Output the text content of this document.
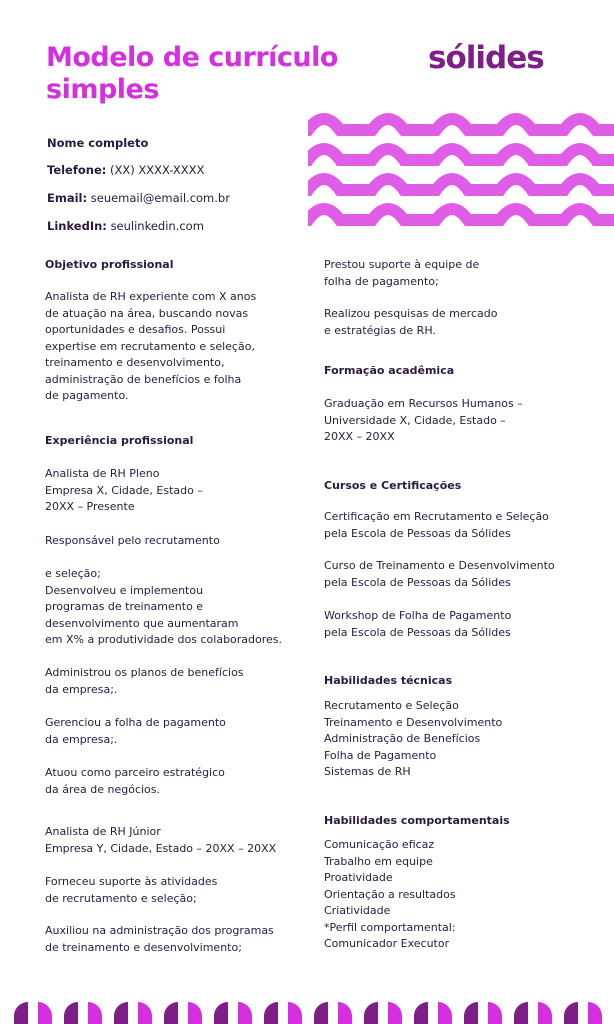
Modelo de currículo simples
sólides
Nome completo
Telefone: (XX) XXXX-XXXX
Email: seuemail@email.com.br
LinkedIn: seulinkedin.com
Objetivo profissional
Analista de RH experiente com X anos
de atuação na área, buscando novas
oportunidades e desafios. Possui
expertise em recrutamento e seleção,
treinamento e desenvolvimento,
administração de benefícios e folha
de pagamento.
Experiência profissional
Analista de RH Pleno
Empresa X, Cidade, Estado –
20XX – Presente
Responsável pelo recrutamento
e seleção;
Desenvolveu e implementou
programas de treinamento e
desenvolvimento que aumentaram
em X% a produtividade dos colaboradores.
Administrou os planos de benefícios
da empresa;.
Gerenciou a folha de pagamento
da empresa;.
Atuou como parceiro estratégico
da área de negócios.
Analista de RH Júnior
Empresa Y, Cidade, Estado – 20XX – 20XX
Forneceu suporte às atividades
de recrutamento e seleção;
Auxiliou na administração dos programas
de treinamento e desenvolvimento;
Prestou suporte à equipe de
folha de pagamento;
Realizou pesquisas de mercado
e estratégias de RH.
Formação acadêmica
Graduação em Recursos Humanos –
Universidade X, Cidade, Estado –
20XX – 20XX
Cursos e Certificações
Certificação em Recrutamento e Seleção
pela Escola de Pessoas da Sólides
Curso de Treinamento e Desenvolvimento
pela Escola de Pessoas da Sólides
Workshop de Folha de Pagamento
pela Escola de Pessoas da Sólides
Habilidades técnicas
Recrutamento e Seleção
Treinamento e Desenvolvimento
Administração de Benefícios
Folha de Pagamento
Sistemas de RH
Habilidades comportamentais
Comunicação eficaz
Trabalho em equipe
Proatividade
Orientação a resultados
Criatividade
*Perfil comportamental:
Comunicador Executor
